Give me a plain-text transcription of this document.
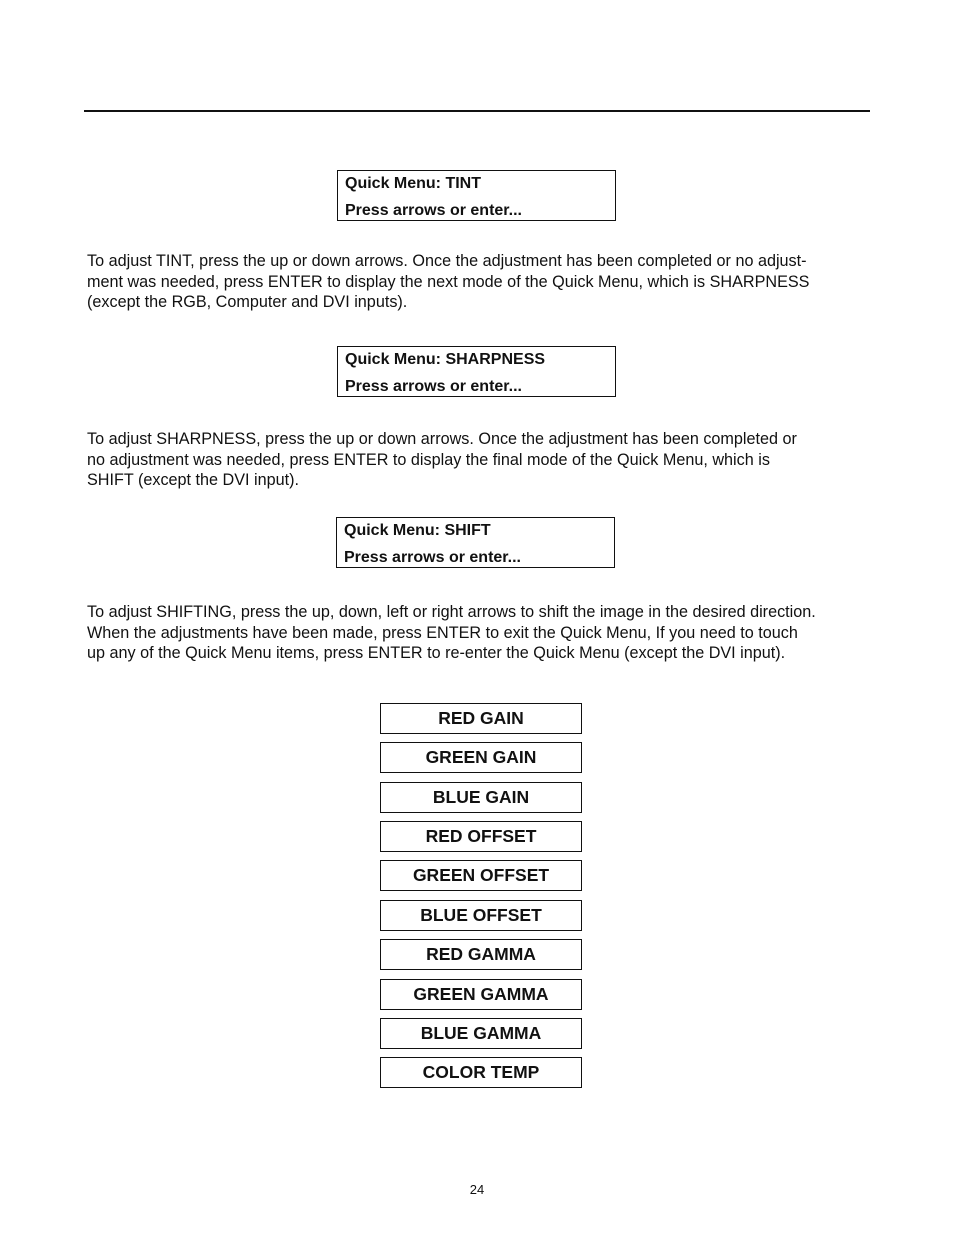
Quick Menu: TINT
Press arrows or enter...

To adjust TINT, press the up or down arrows. Once the adjustment has been completed or no adjust-
ment was needed, press ENTER to display the next mode of the Quick Menu, which is SHARPNESS
(except the RGB, Computer and DVI inputs).

Quick Menu: SHARPNESS
Press arrows or enter...

To adjust SHARPNESS, press the up or down arrows. Once the adjustment has been completed or
no adjustment was needed, press ENTER to display the final mode of the Quick Menu, which is
SHIFT (except the DVI input).

Quick Menu: SHIFT
Press arrows or enter...

To adjust SHIFTING, press the up, down, left or right arrows to shift the image in the desired direction.
When the adjustments have been made, press ENTER to exit the Quick Menu, If you need to touch
up any of the Quick Menu items, press ENTER to re-enter the Quick Menu (except the DVI input).

RED GAIN
GREEN GAIN
BLUE GAIN
RED OFFSET
GREEN OFFSET
BLUE OFFSET
RED GAMMA
GREEN GAMMA
BLUE GAMMA
COLOR TEMP
24
